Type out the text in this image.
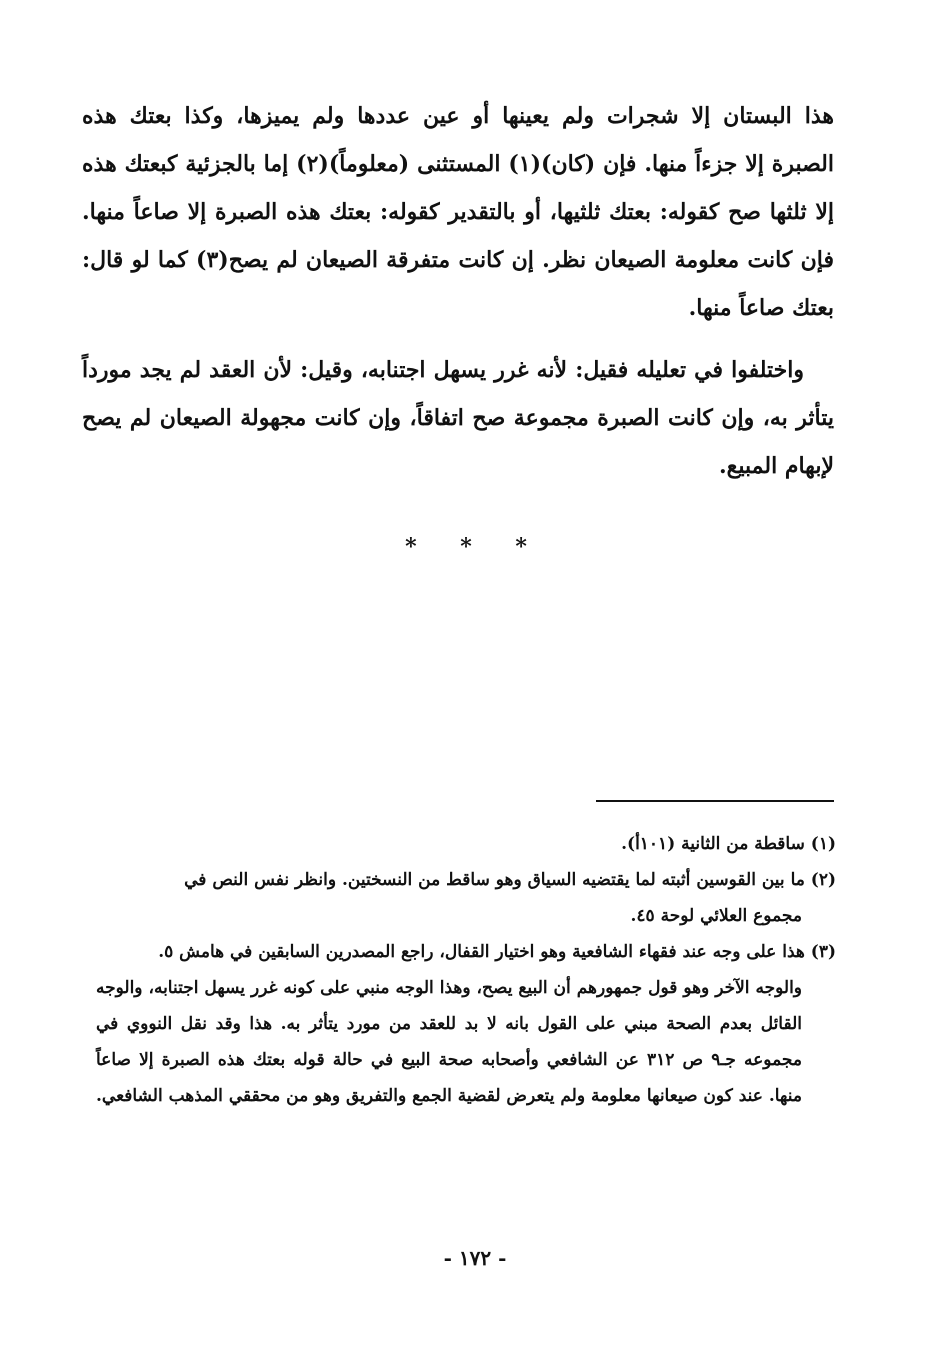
هذا البستان إلا شجرات ولم يعينها أو عين عددها ولم يميزها، وكذا بعتك هذه الصبرة إلا جزءاً منها. فإن (كان)(١) المستثنى (معلوماً)(٢) إما بالجزئية كبعتك هذه إلا ثلثها صح كقوله: بعتك ثلثيها، أو بالتقدير كقوله: بعتك هذه الصبرة إلا صاعاً منها. فإن كانت معلومة الصيعان نظر. إن كانت متفرقة الصيعان لم يصح(٣) كما لو قال: بعتك صاعاً منها.

واختلفوا في تعليله فقيل: لأنه غرر يسهل اجتنابه، وقيل: لأن العقد لم يجد مورداً يتأثر به، وإن كانت الصبرة مجموعة صح اتفاقاً، وإن كانت مجهولة الصيعان لم يصح لإبهام المبيع.

* * *
(١) ساقطة من الثانية (١٠١أ).
(٢) ما بين القوسين أثبته لما يقتضيه السياق وهو ساقط من النسختين. وانظر نفس النص في
مجموع العلائي لوحة ٤٥.
(٣) هذا على وجه عند فقهاء الشافعية وهو اختيار القفال، راجع المصدرين السابقين في هامش ٥.
والوجه الآخر وهو قول جمهورهم أن البيع يصح، وهذا الوجه منبي على كونه غرر يسهل اجتنابه، والوجه القائل بعدم الصحة مبني على القول بانه لا بد للعقد من مورد يتأثر به. هذا وقد نقل النووي في مجموعه جـ٩ ص ٣١٢ عن الشافعي وأصحابه صحة البيع في حالة قوله بعتك هذه الصبرة إلا صاعاً منها. عند كون صيعانها معلومة ولم يتعرض لقضية الجمع والتفريق وهو من محققي المذهب الشافعي.
- ١٧٢ -
